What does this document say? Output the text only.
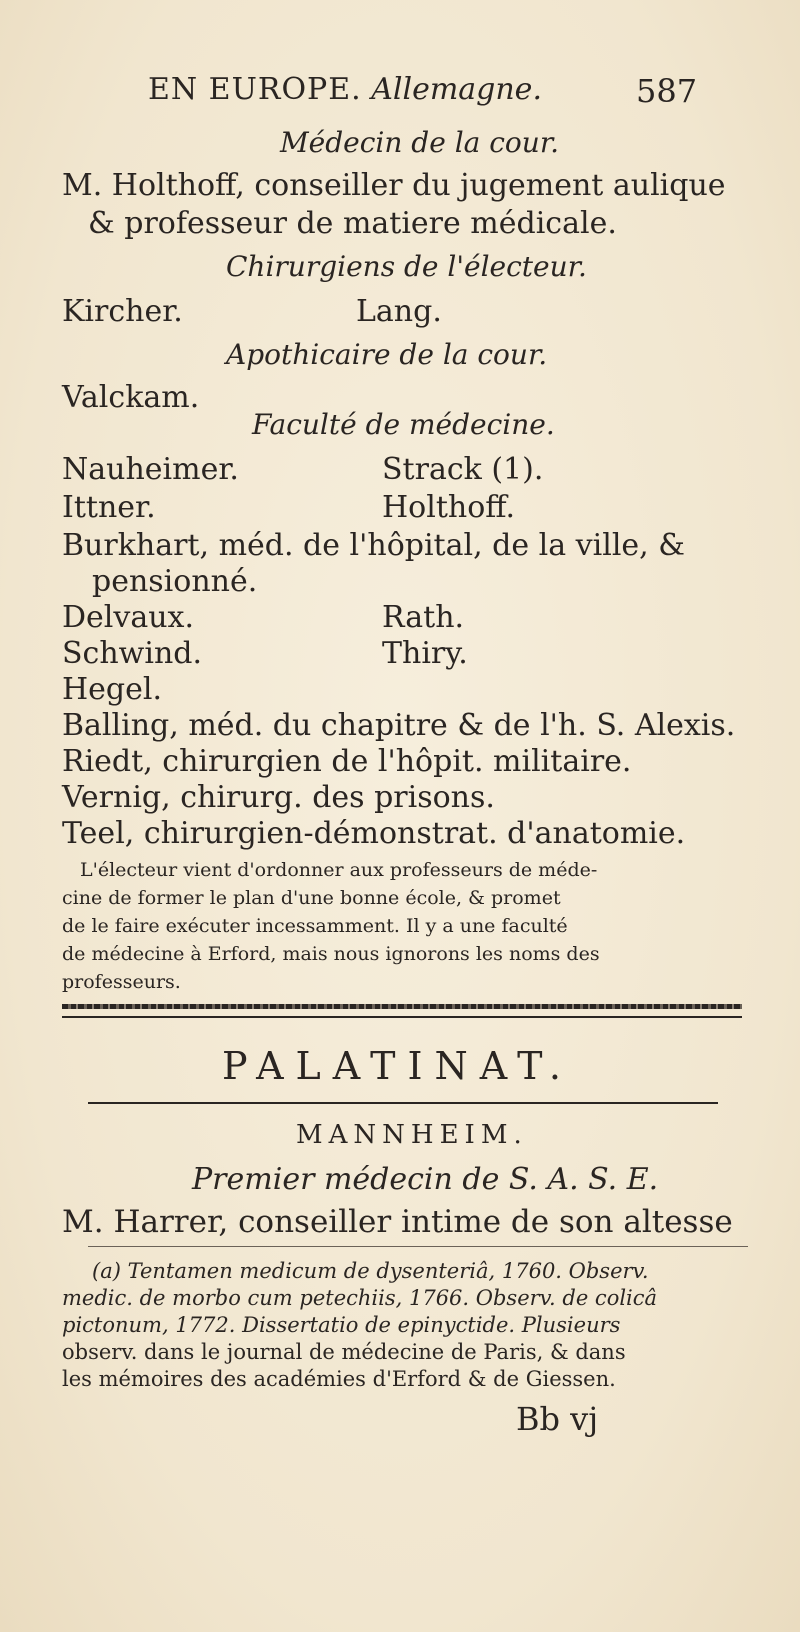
EN EUROPE. Allemagne.	587
Médecin de la cour.
M. Holthoff, conseiller du jugement aulique
& professeur de matiere médicale.
Chirurgiens de l'électeur.
Kircher.	Lang.
Apothicaire de la cour.
Valckam.
Faculté de médecine.
Nauheimer.	Strack (1).
Ittner.	Holthoff.
Burkhart, méd. de l'hôpital, de la ville, &
pensionné.
Delvaux.	Rath.
Schwind.	Thiry.
Hegel.
Balling, méd. du chapitre & de l'h. S. Alexis.
Riedt, chirurgien de l'hôpit. militaire.
Vernig, chirurg. des prisons.
Teel, chirurgien-démonstrat. d'anatomie.
L'électeur vient d'ordonner aux professeurs de méde-
cine de former le plan d'une bonne école, & promet
de le faire exécuter incessamment. Il y a une faculté
de médecine à Erford, mais nous ignorons les noms des
professeurs.
PALATINAT.
MANNHEIM.
Premier médecin de S. A. S. E.
M. Harrer, conseiller intime de son altesse
(a) Tentamen medicum de dysenteriâ, 1760. Observ.
medic. de morbo cum petechiis, 1766. Observ. de colicâ
pictonum, 1772. Dissertatio de epinyctide. Plusieurs
observ. dans le journal de médecine de Paris, & dans
les mémoires des académies d'Erford & de Giessen.
Bb vj
